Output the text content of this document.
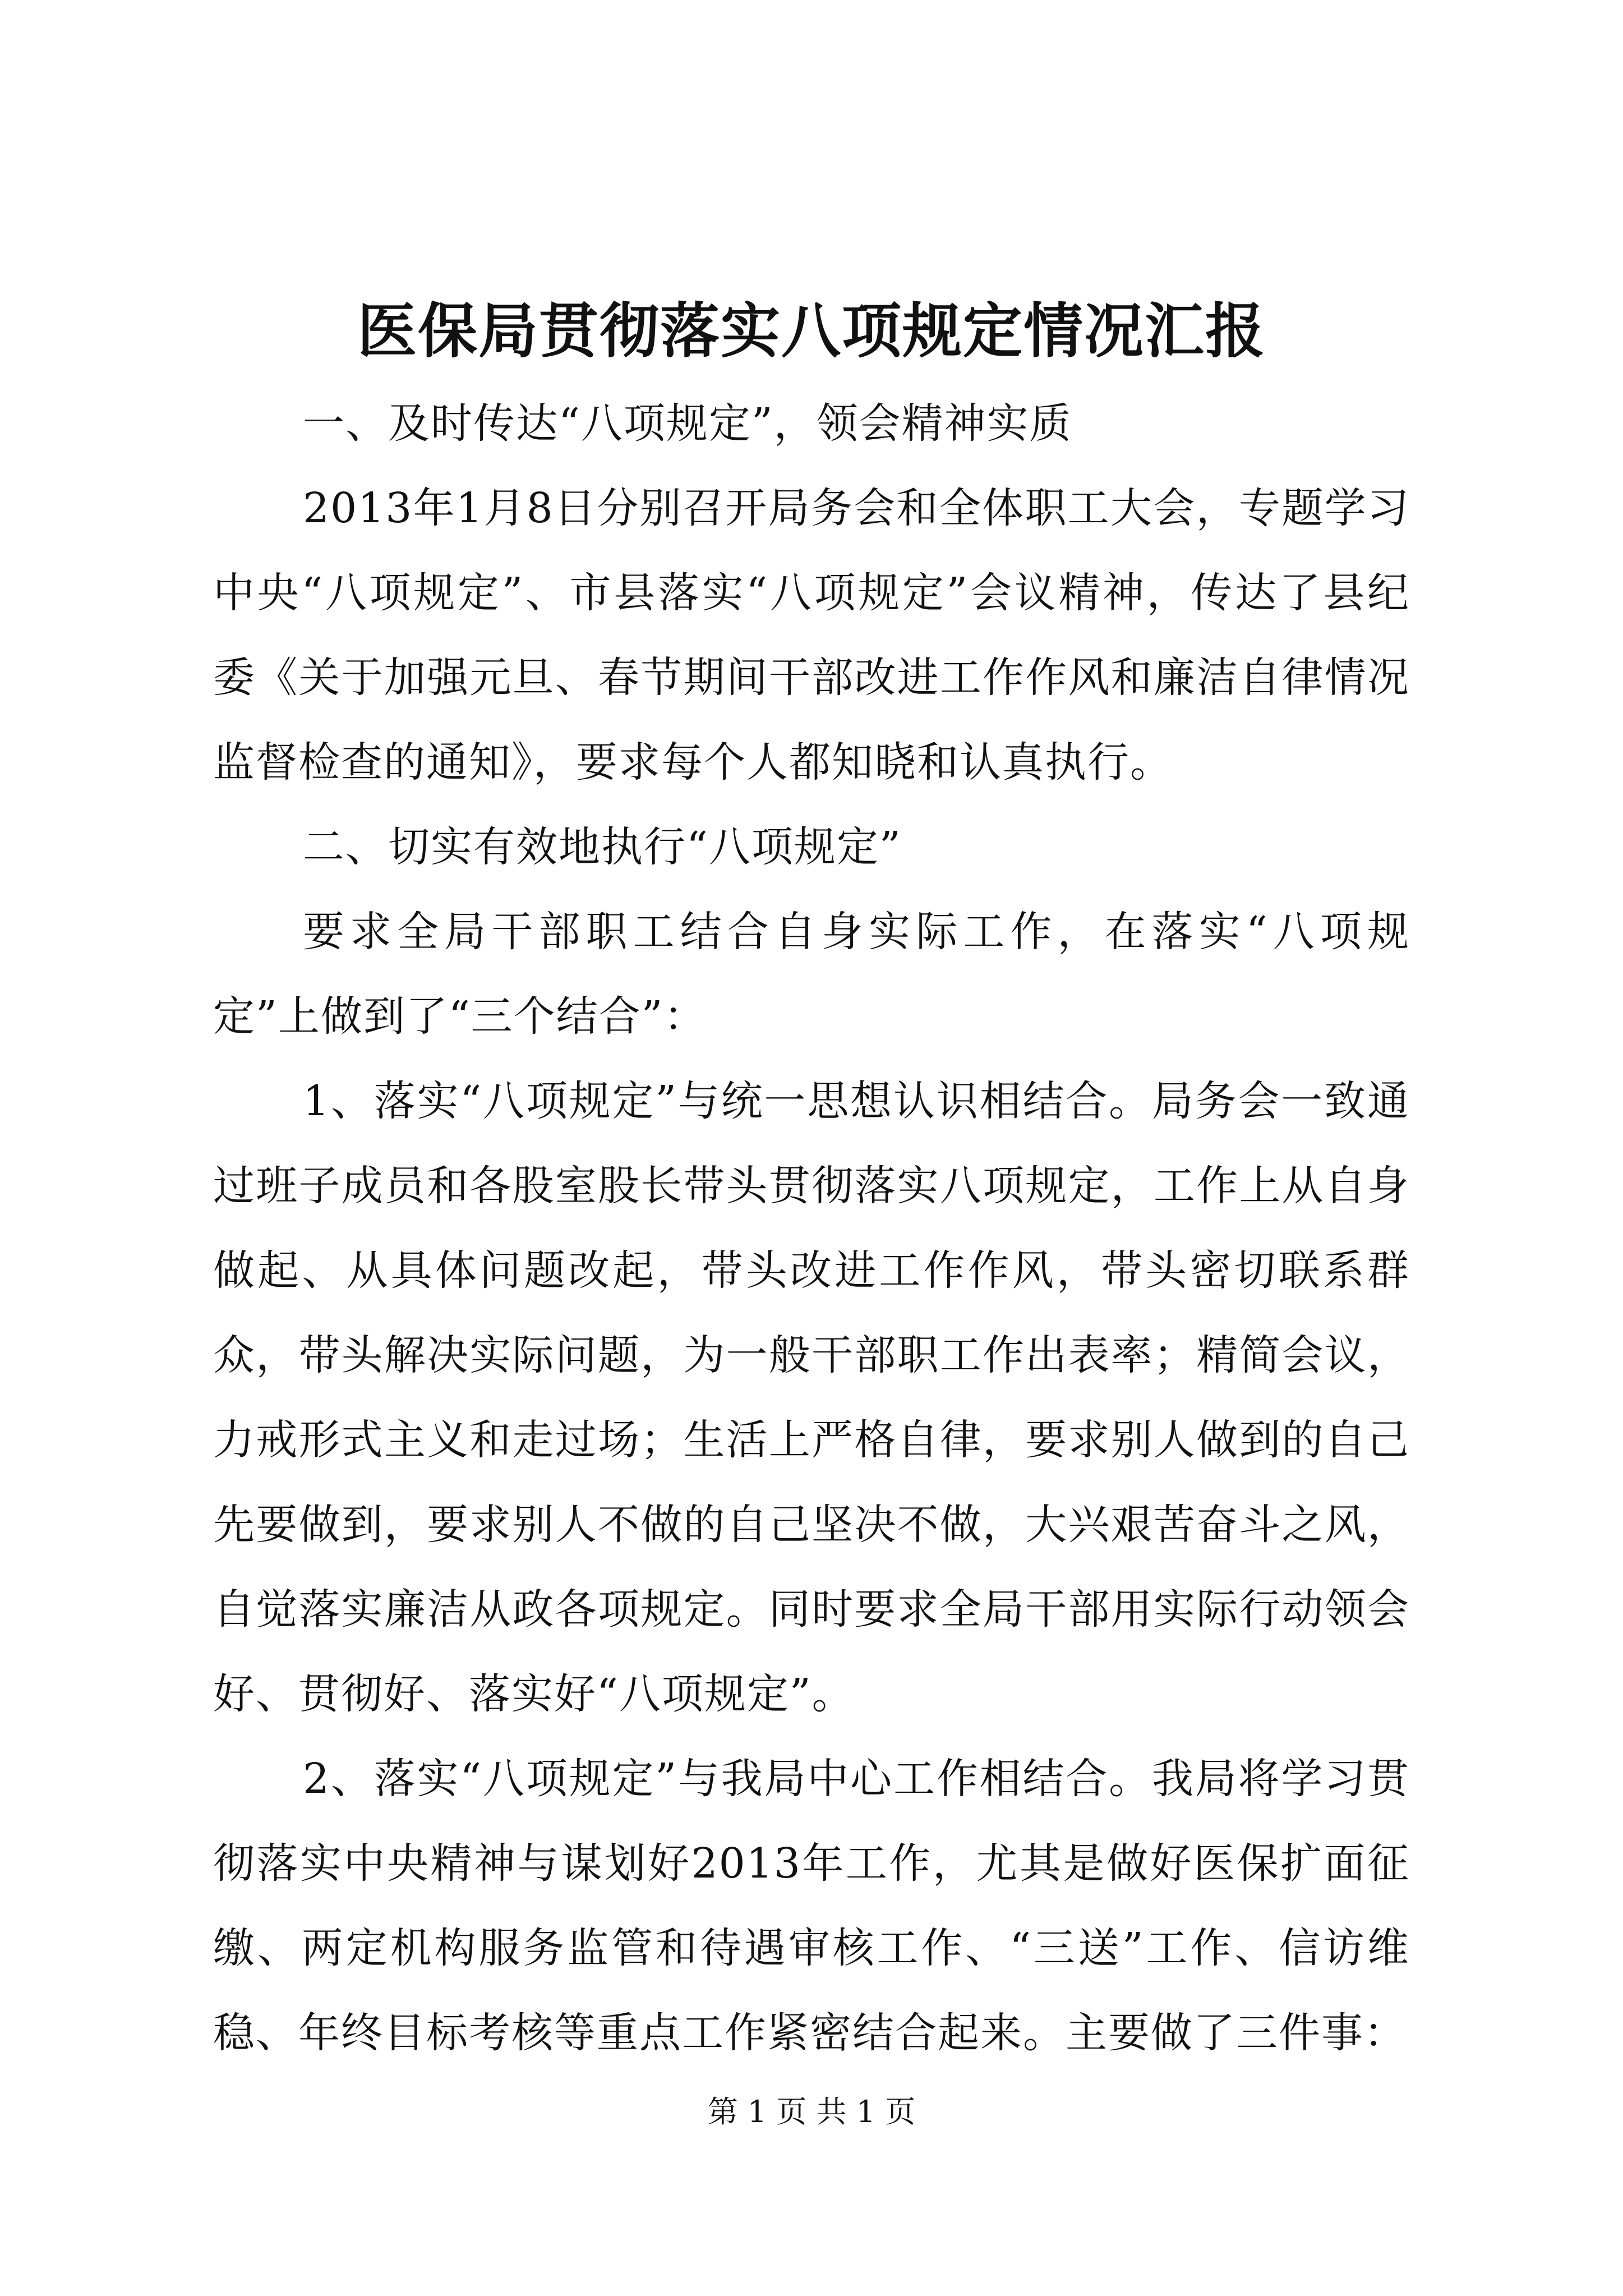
医保局贯彻落实八项规定情况汇报

一、及时传达“八项规定”，领会精神实质

2013年1月8日分别召开局务会和全体职工大会，专题学习中央“八项规定”、市县落实“八项规定”会议精神，传达了县纪委《关于加强元旦、春节期间干部改进工作作风和廉洁自律情况监督检查的通知》，要求每个人都知晓和认真执行。

二、切实有效地执行“八项规定”

要求全局干部职工结合自身实际工作，在落实“八项规定”上做到了“三个结合”：

1、落实“八项规定”与统一思想认识相结合。局务会一致通过班子成员和各股室股长带头贯彻落实八项规定，工作上从自身做起、从具体问题改起，带头改进工作作风，带头密切联系群众，带头解决实际问题，为一般干部职工作出表率；精简会议，力戒形式主义和走过场；生活上严格自律，要求别人做到的自己先要做到，要求别人不做的自己坚决不做，大兴艰苦奋斗之风，自觉落实廉洁从政各项规定。同时要求全局干部用实际行动领会好、贯彻好、落实好“八项规定”。

2、落实“八项规定”与我局中心工作相结合。我局将学习贯彻落实中央精神与谋划好2013年工作，尤其是做好医保扩面征缴、两定机构服务监管和待遇审核工作、“三送”工作、信访维稳、年终目标考核等重点工作紧密结合起来。主要做了三件事：

第 1 页 共 1 页
